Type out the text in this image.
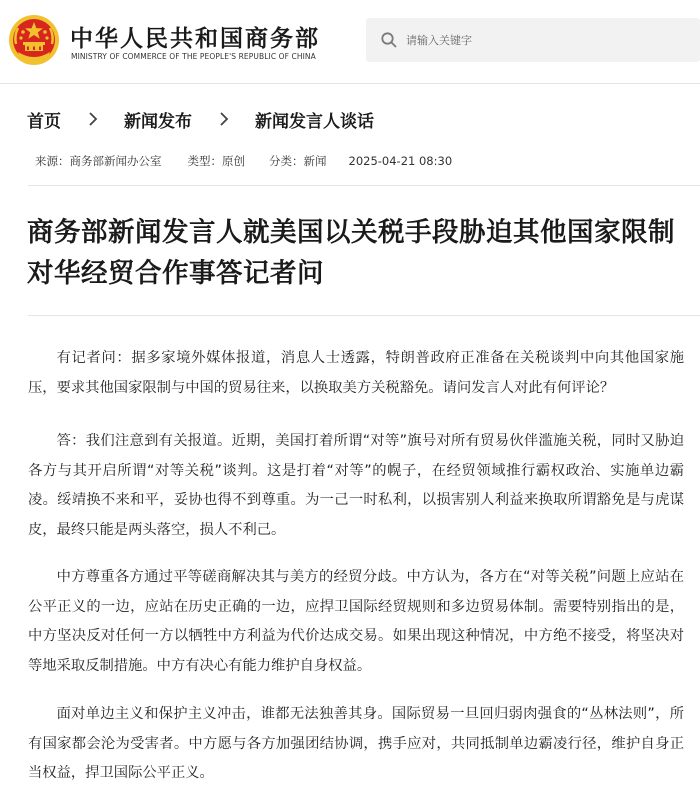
中华人民共和国商务部
MINISTRY OF COMMERCE OF THE PEOPLE'S REPUBLIC OF CHINA
请输入关键字
首页	新闻发布	新闻发言人谈话
来源：商务部新闻办公室 类型：原创 分类：新闻 2025-04-21 08:30
商务部新闻发言人就美国以关税手段胁迫其他国家限制对华经贸合作事答记者问

有记者问：据多家境外媒体报道，消息人士透露，特朗普政府正准备在关税谈判中向其他国家施压，要求其他国家限制与中国的贸易往来，以换取美方关税豁免。请问发言人对此有何评论？

答：我们注意到有关报道。近期，美国打着所谓“对等”旗号对所有贸易伙伴滥施关税，同时又胁迫各方与其开启所谓“对等关税”谈判。这是打着“对等”的幌子，在经贸领域推行霸权政治、实施单边霸凌。绥靖换不来和平，妥协也得不到尊重。为一己一时私利，以损害别人利益来换取所谓豁免是与虎谋皮，最终只能是两头落空，损人不利己。

中方尊重各方通过平等磋商解决其与美方的经贸分歧。中方认为，各方在“对等关税”问题上应站在公平正义的一边，应站在历史正确的一边，应捍卫国际经贸规则和多边贸易体制。需要特别指出的是，中方坚决反对任何一方以牺牲中方利益为代价达成交易。如果出现这种情况，中方绝不接受，将坚决对等地采取反制措施。中方有决心有能力维护自身权益。

面对单边主义和保护主义冲击，谁都无法独善其身。国际贸易一旦回归弱肉强食的“丛林法则”，所有国家都会沦为受害者。中方愿与各方加强团结协调，携手应对，共同抵制单边霸凌行径，维护自身正当权益，捍卫国际公平正义。
